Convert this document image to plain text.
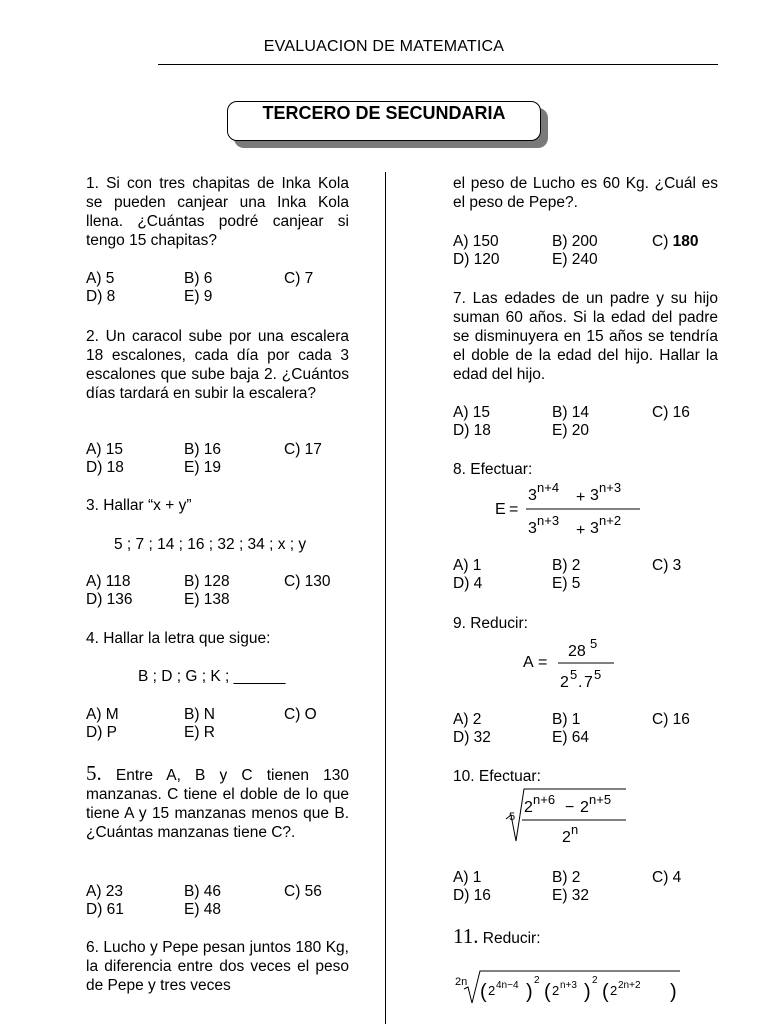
EVALUACION DE MATEMATICA
TERCERO DE SECUNDARIA

1. Si con tres chapitas de Inka Kola se pueden canjear una Inka Kola llena. ¿Cuántas podré canjear si tengo 15 chapitas?

A) 5	B) 6	C) 7
D) 8	E) 9

2. Un caracol sube por una escalera 18 escalones, cada día por cada 3 escalones que sube baja 2. ¿Cuántos días tardará en subir la escalera?

A) 15	B) 16	C) 17
D) 18	E) 19

3. Hallar “x + y”

5 ; 7 ; 14 ; 16 ; 32 ; 34 ; x ; y
A) 118	B) 128	C) 130
D) 136	E) 138

4. Hallar la letra que sigue:

B ; D ; G ; K ; ______
A) M	B) N	C) O
D) P	E) R

5. Entre A, B y C tienen 130 manzanas. C tiene el doble de lo que tiene A y 15 manzanas menos que B. ¿Cuántas manzanas tiene C?.

A) 23	B) 46	C) 56
D) 61	E) 48

6. Lucho y Pepe pesan juntos 180 Kg, la diferencia entre dos veces el peso de Pepe y tres veces

el peso de Lucho es 60 Kg. ¿Cuál es el peso de Pepe?.

A) 150	B) 200	C) 180
D) 120	E) 240

7. Las edades de un padre y su hijo suman 60 años. Si la edad del padre se disminuyera en 15 años se tendría el doble de la edad del hijo. Hallar la edad del hijo.

A) 15	B) 14	C) 16
D) 18	E) 20

8. Efectuar:

E =
3 n+4
+ 3 n+3
3 n+3
+ 3 n+2
A) 1	B) 2	C) 3
D) 4	E) 5

9. Reducir:

A =
28 5
2 5 . 7 5
A) 2	B) 1	C) 16
D) 32	E) 64

10. Efectuar:

5
2 n+6 − 2 n+5
2 n
A) 1	B) 2	C) 4
D) 16	E) 32

11. Reducir:

2n ( 2 4n−4 )
2
( 2 n+3 )
2
( 2 2n+2 )
